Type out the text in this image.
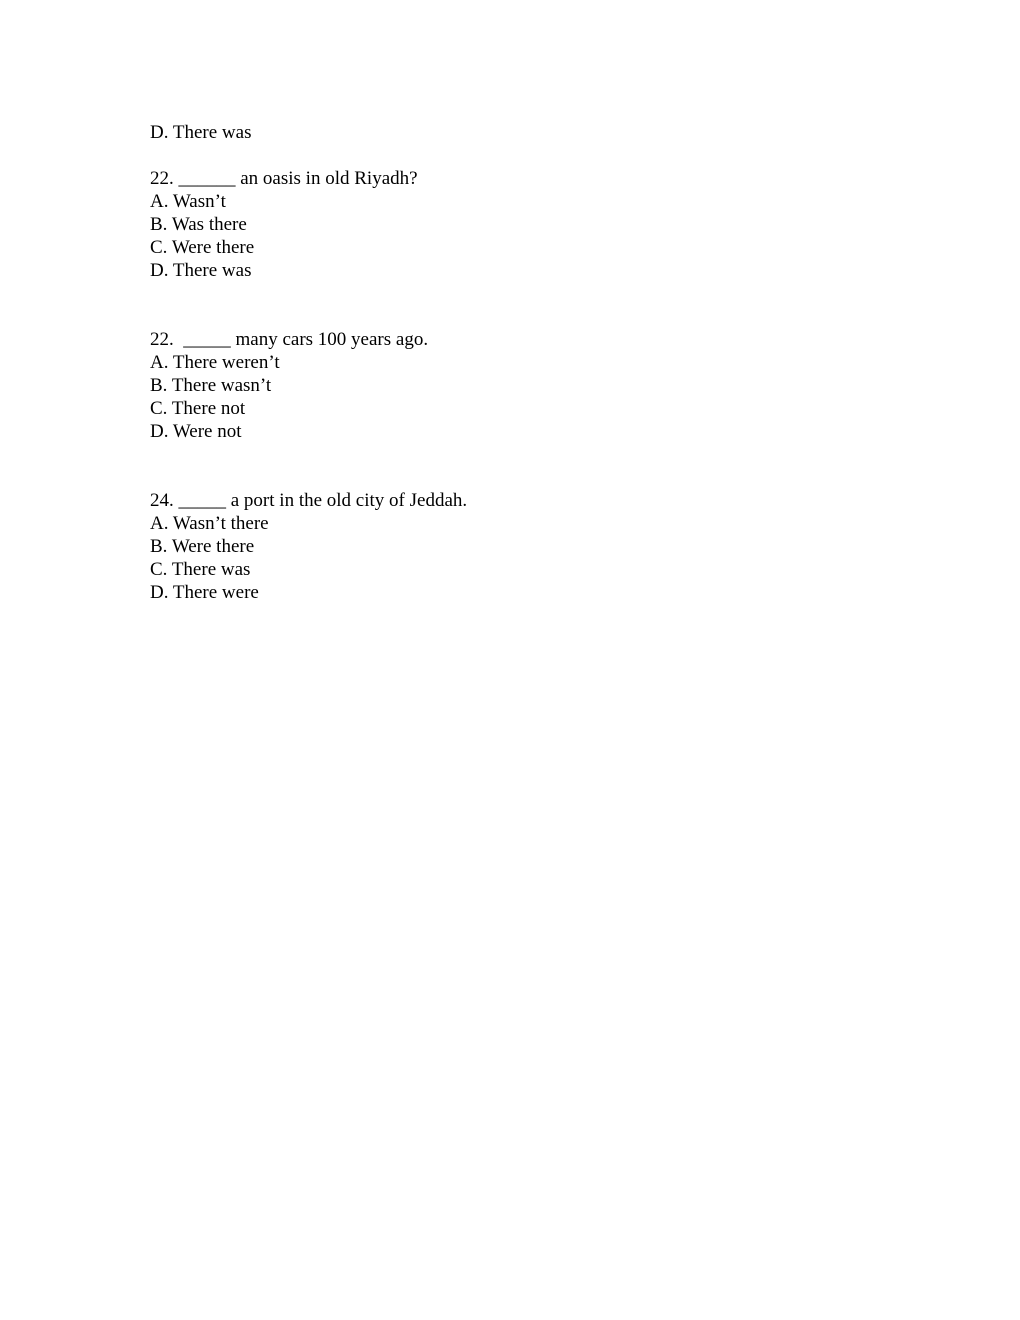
D. There was
22. ______ an oasis in old Riyadh?
A. Wasn’t
B. Was there
C. Were there
D. There was
22.  _____ many cars 100 years ago.
A. There weren’t
B. There wasn’t
C. There not
D. Were not
24. _____ a port in the old city of Jeddah.
A. Wasn’t there
B. Were there
C. There was
D. There were
